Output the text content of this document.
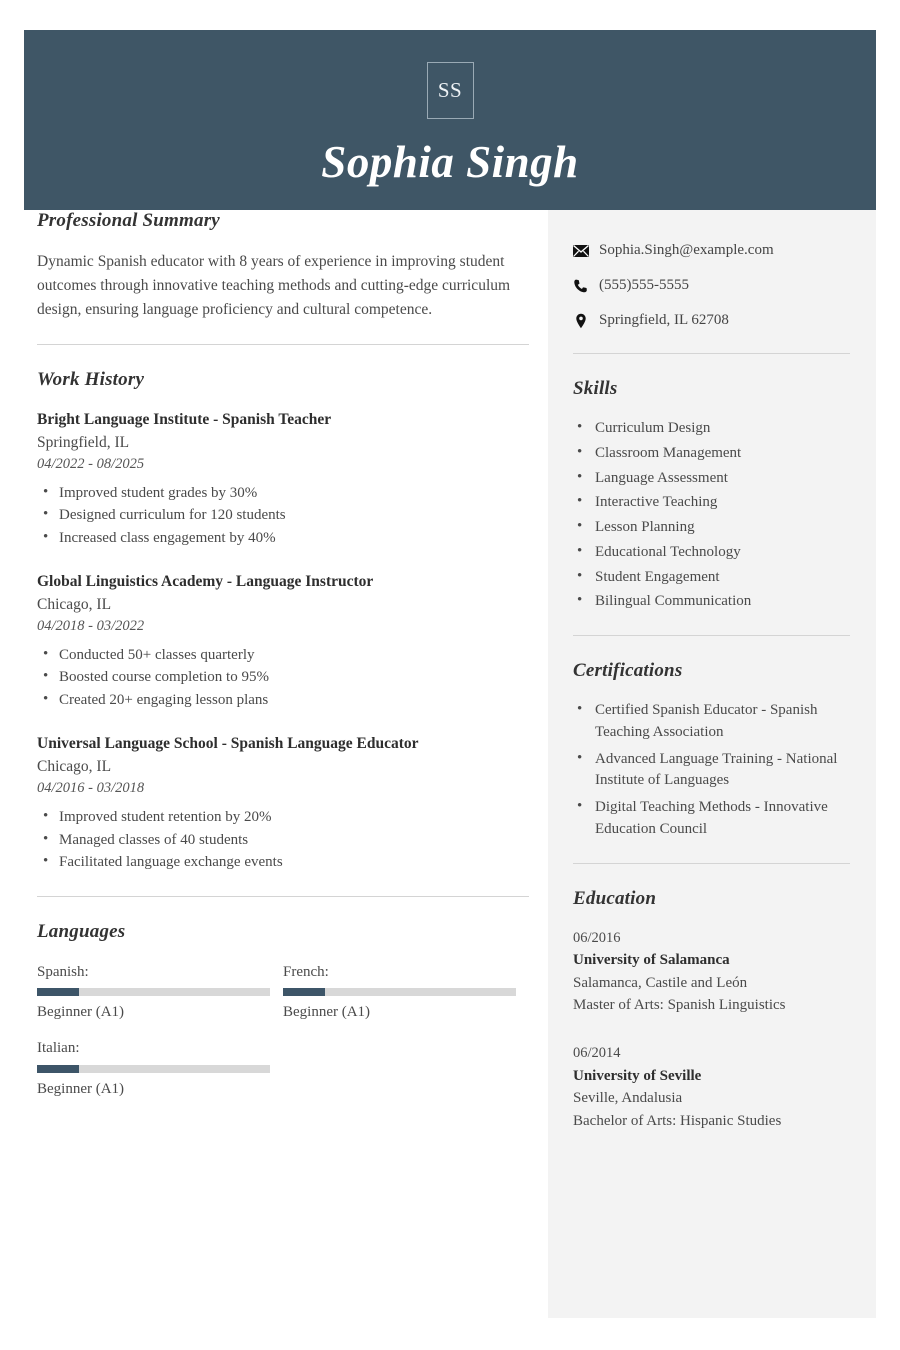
SS
Sophia Singh
Professional Summary
Dynamic Spanish educator with 8 years of experience in improving student outcomes through innovative teaching methods and cutting-edge curriculum design, ensuring language proficiency and cultural competence.
Work History
Bright Language Institute - Spanish Teacher
Springfield, IL
04/2022 - 08/2025
• Improved student grades by 30%
• Designed curriculum for 120 students
• Increased class engagement by 40%
Global Linguistics Academy - Language Instructor
Chicago, IL
04/2018 - 03/2022
• Conducted 50+ classes quarterly
• Boosted course completion to 95%
• Created 20+ engaging lesson plans
Universal Language School - Spanish Language Educator
Chicago, IL
04/2016 - 03/2018
• Improved student retention by 20%
• Managed classes of 40 students
• Facilitated language exchange events
Languages
Spanish:
Beginner (A1)
French:
Beginner (A1)
Italian:
Beginner (A1)
Sophia.Singh@example.com
(555)555-5555
Springfield, IL 62708
Skills
• Curriculum Design
• Classroom Management
• Language Assessment
• Interactive Teaching
• Lesson Planning
• Educational Technology
• Student Engagement
• Bilingual Communication
Certifications
• Certified Spanish Educator - Spanish Teaching Association
• Advanced Language Training - National Institute of Languages
• Digital Teaching Methods - Innovative Education Council
Education
06/2016
University of Salamanca
Salamanca, Castile and León
Master of Arts: Spanish Linguistics
06/2014
University of Seville
Seville, Andalusia
Bachelor of Arts: Hispanic Studies
